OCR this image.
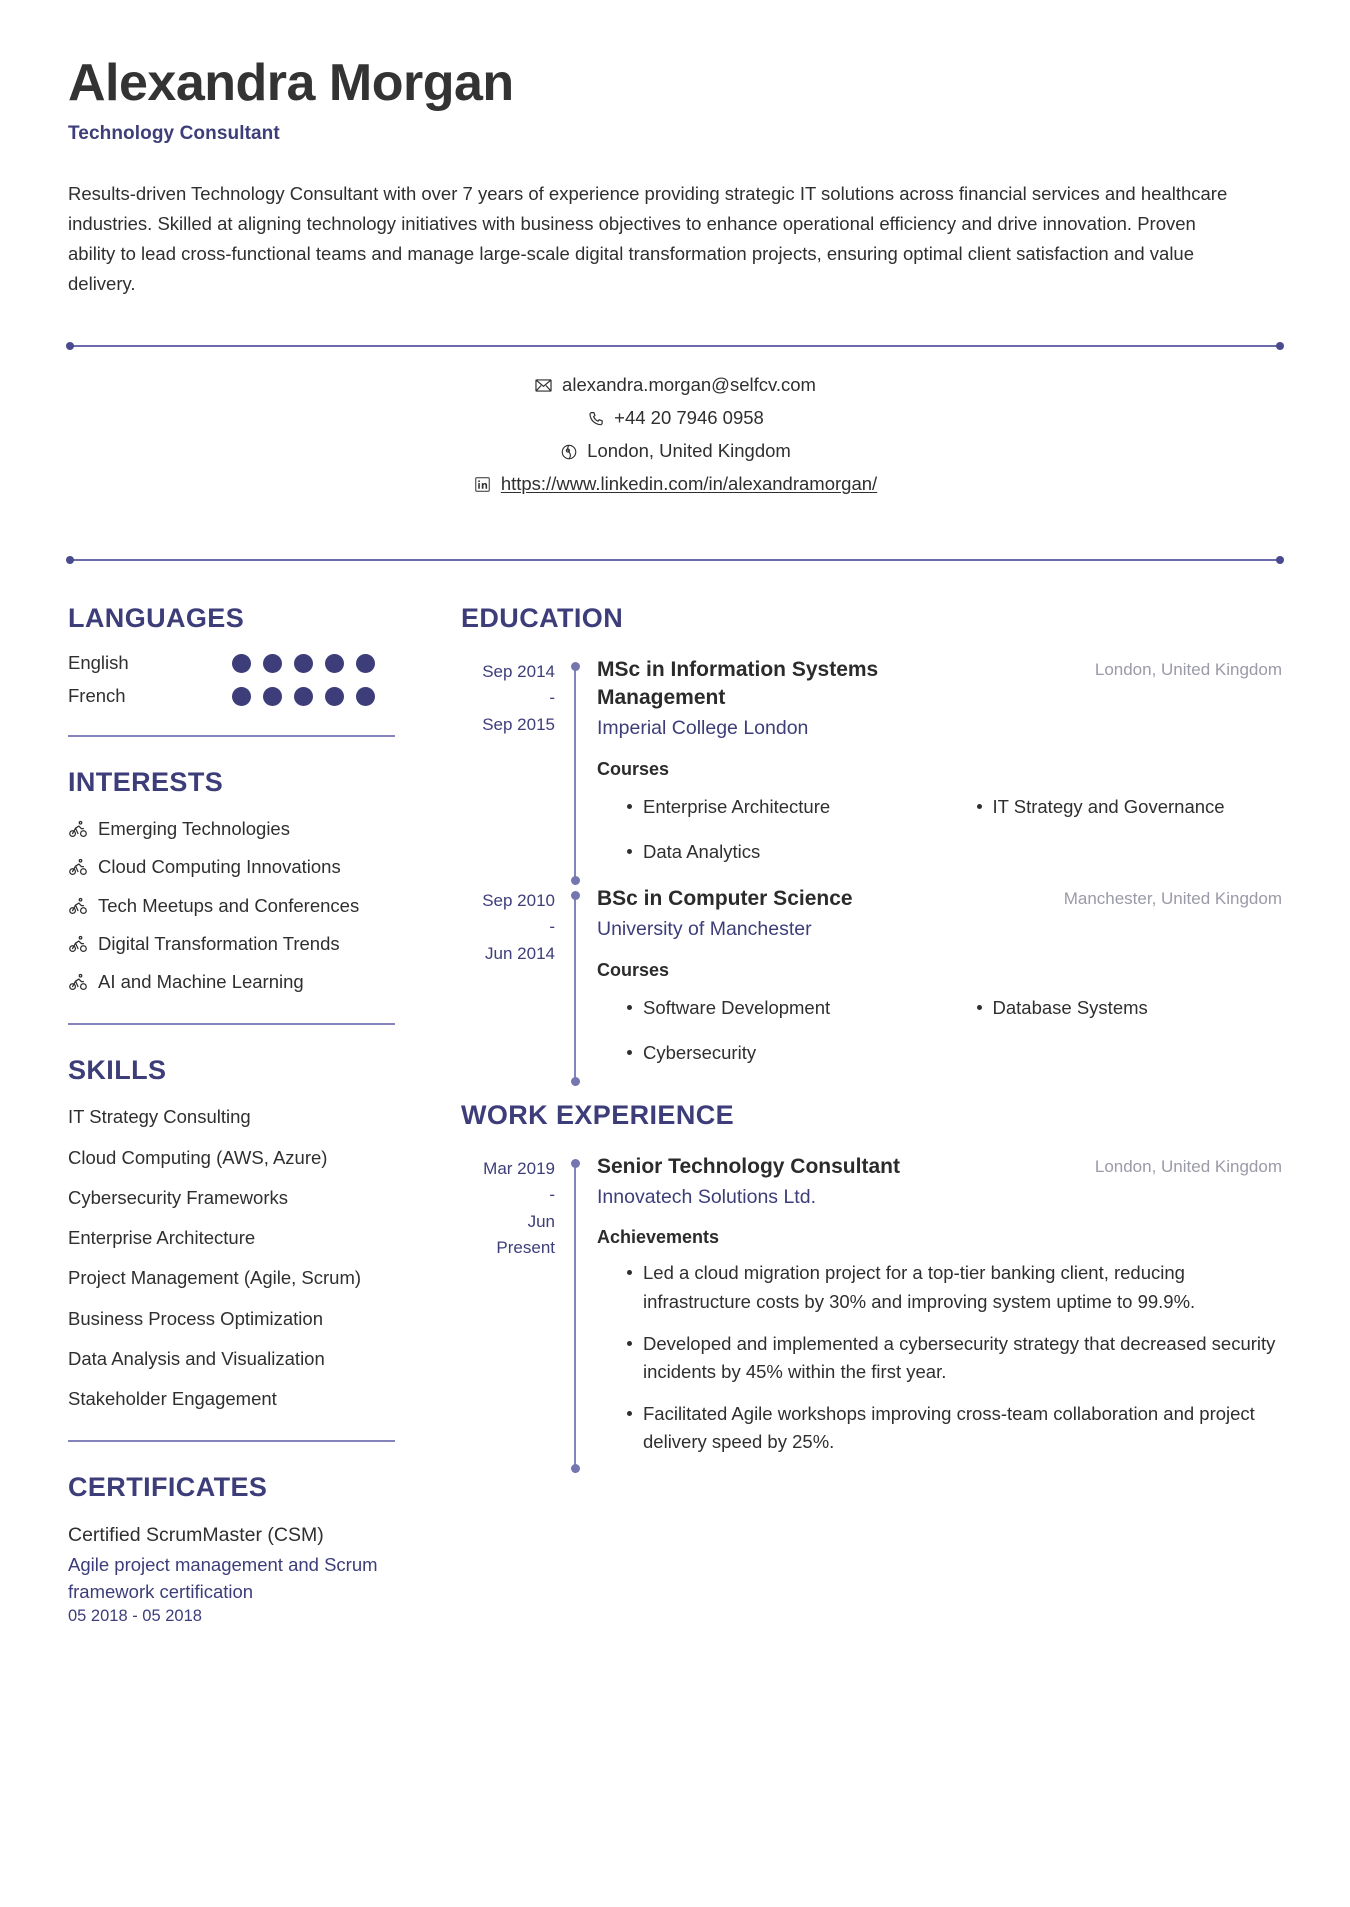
Alexandra Morgan
Technology Consultant

Results-driven Technology Consultant with over 7 years of experience providing strategic IT solutions across financial services and healthcare industries. Skilled at aligning technology initiatives with business objectives to enhance operational efficiency and drive innovation. Proven ability to lead cross-functional teams and manage large-scale digital transformation projects, ensuring optimal client satisfaction and value delivery.

alexandra.morgan@selfcv.com
+44 20 7946 0958
London, United Kingdom
https://www.linkedin.com/in/alexandramorgan/
LANGUAGES
English
French
INTERESTS
Emerging Technologies
Cloud Computing Innovations
Tech Meetups and Conferences
Digital Transformation Trends
AI and Machine Learning
SKILLS
IT Strategy Consulting
Cloud Computing (AWS, Azure)
Cybersecurity Frameworks
Enterprise Architecture
Project Management (Agile, Scrum)
Business Process Optimization
Data Analysis and Visualization
Stakeholder Engagement
CERTIFICATES
Certified ScrumMaster (CSM)
Agile project management and Scrum framework certification
05 2018 - 05 2018
EDUCATION
Sep 2014
-
Sep 2015
MSc in Information Systems Management
Imperial College London
London, United Kingdom
Courses
Enterprise Architecture	IT Strategy and Governance
Data Analytics
Sep 2010
-
Jun 2014
BSc in Computer Science
University of Manchester
Manchester, United Kingdom
Courses
Software Development	Database Systems
Cybersecurity
WORK EXPERIENCE
Mar 2019
-
Jun
Present
Senior Technology Consultant
Innovatech Solutions Ltd.
London, United Kingdom
Achievements
Led a cloud migration project for a top-tier banking client, reducing infrastructure costs by 30% and improving system uptime to 99.9%.
Developed and implemented a cybersecurity strategy that decreased security incidents by 45% within the first year.
Facilitated Agile workshops improving cross-team collaboration and project delivery speed by 25%.
